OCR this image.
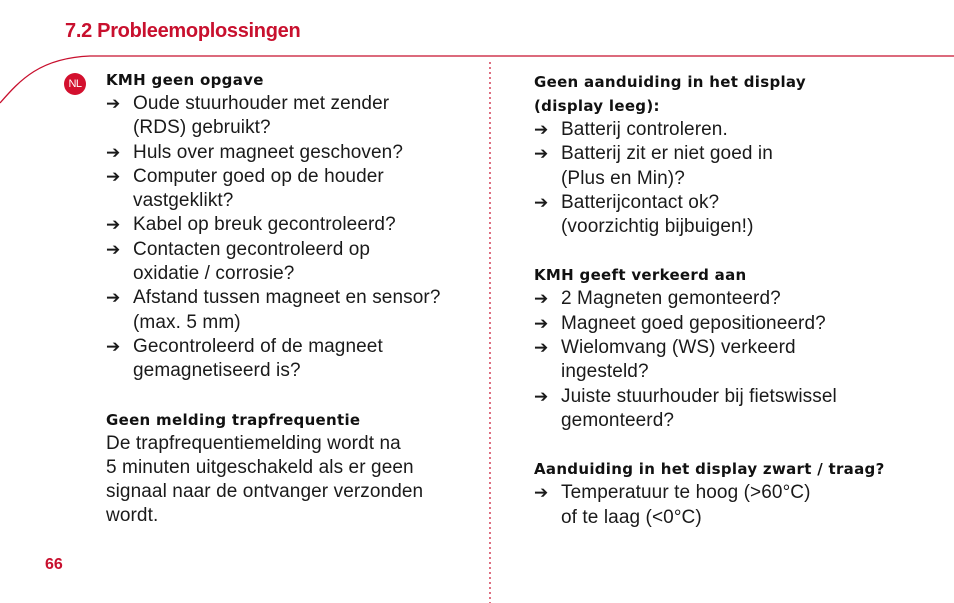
7.2 Probleemoplossingen
NL KMH geen opgave
➔ Oude stuurhouder met zender
(RDS) gebruikt?
➔ Huls over magneet geschoven?
➔ Computer goed op de houder
vastgeklikt?
➔ Kabel op breuk gecontroleerd?
➔ Contacten gecontroleerd op
oxidatie / corrosie?
➔ Afstand tussen magneet en sensor?
(max. 5 mm)
➔ Gecontroleerd of de magneet
gemagnetiseerd is?
Geen melding trapfrequentie

De trapfrequentiemelding wordt na
5 minuten uitgeschakeld als er geen
signaal naar de ontvanger verzonden
wordt.

Geen aanduiding in het display
(display leeg):
➔ Batterij controleren.
➔ Batterij zit er niet goed in
(Plus en Min)?
➔ Batterijcontact ok?
(voorzichtig bijbuigen!)
KMH geeft verkeerd aan
➔ 2 Magneten gemonteerd?
➔ Magneet goed gepositioneerd?
➔ Wielomvang (WS) verkeerd
ingesteld?
➔ Juiste stuurhouder bij fietswissel
gemonteerd?
Aanduiding in het display zwart / traag?
➔ Temperatuur te hoog (>60°C)
of te laag (<0°C)
66
